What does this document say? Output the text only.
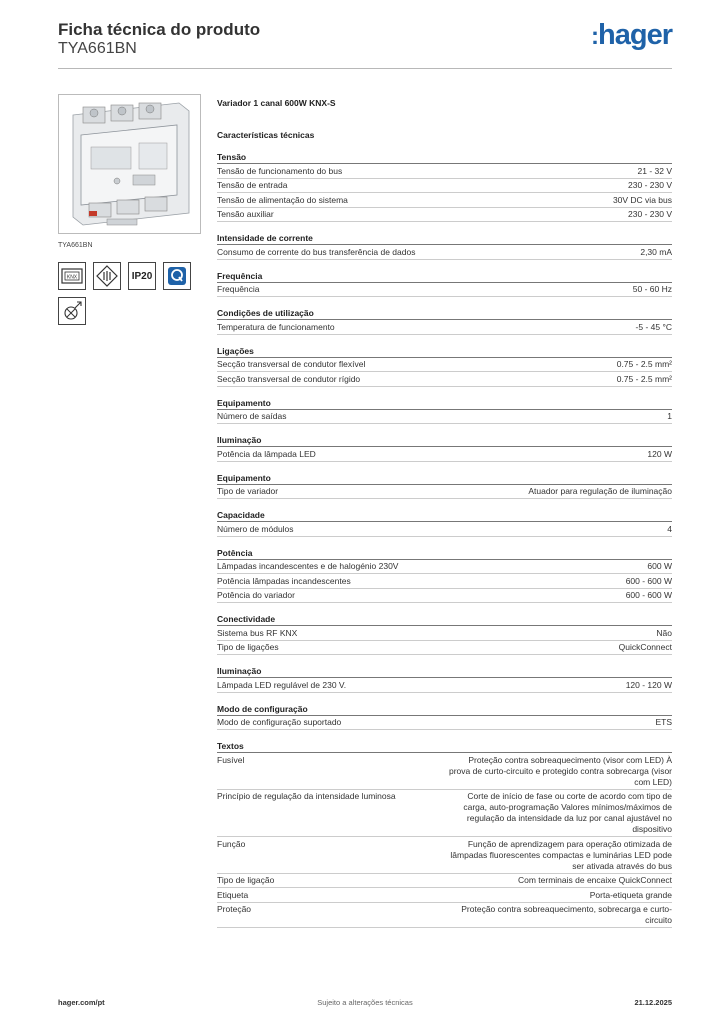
Ficha técnica do produto
TYA661BN	:hager
TYA661BN
KNX	IP20
Variador 1 canal 600W KNX-S
Características técnicas
Tensão
Tensão de funcionamento do bus	21 - 32 V
Tensão de entrada	230 - 230 V
Tensão de alimentação do sistema	30V DC via bus
Tensão auxiliar	230 - 230 V
Intensidade de corrente
Consumo de corrente do bus transferência de dados	2,30 mA
Frequência
Frequência	50 - 60 Hz
Condições de utilização
Temperatura de funcionamento	-5 - 45 °C
Ligações
Secção transversal de condutor flexível	0.75 - 2.5 mm²
Secção transversal de condutor rígido	0.75 - 2.5 mm²
Equipamento
Número de saídas	1
Iluminação
Potência da lâmpada LED	120 W
Equipamento
Tipo de variador	Atuador para regulação de iluminação
Capacidade
Número de módulos	4
Potência
Lâmpadas incandescentes e de halogénio 230V	600 W
Potência lâmpadas incandescentes	600 - 600 W
Potência do variador	600 - 600 W
Conectividade
Sistema bus RF KNX	Não
Tipo de ligações	QuickConnect
Iluminação
Lâmpada LED regulável de 230 V.	120 - 120 W
Modo de configuração
Modo de configuração suportado	ETS
Textos
Fusível	Proteção contra sobreaquecimento (visor com LED) À prova de curto-circuito e protegido contra sobrecarga (visor com LED)
Princípio de regulação da intensidade luminosa	Corte de início de fase ou corte de acordo com tipo de carga, auto-programação Valores mínimos/máximos de regulação da intensidade da luz por canal ajustável no dispositivo
Função	Função de aprendizagem para operação otimizada de lâmpadas fluorescentes compactas e luminárias LED pode ser ativada através do bus
Tipo de ligação	Com terminais de encaixe QuickConnect
Etiqueta	Porta-etiqueta grande
Proteção	Proteção contra sobreaquecimento, sobrecarga e curto-circuito
hager.com/pt	Sujeito a alterações técnicas	21.12.2025
